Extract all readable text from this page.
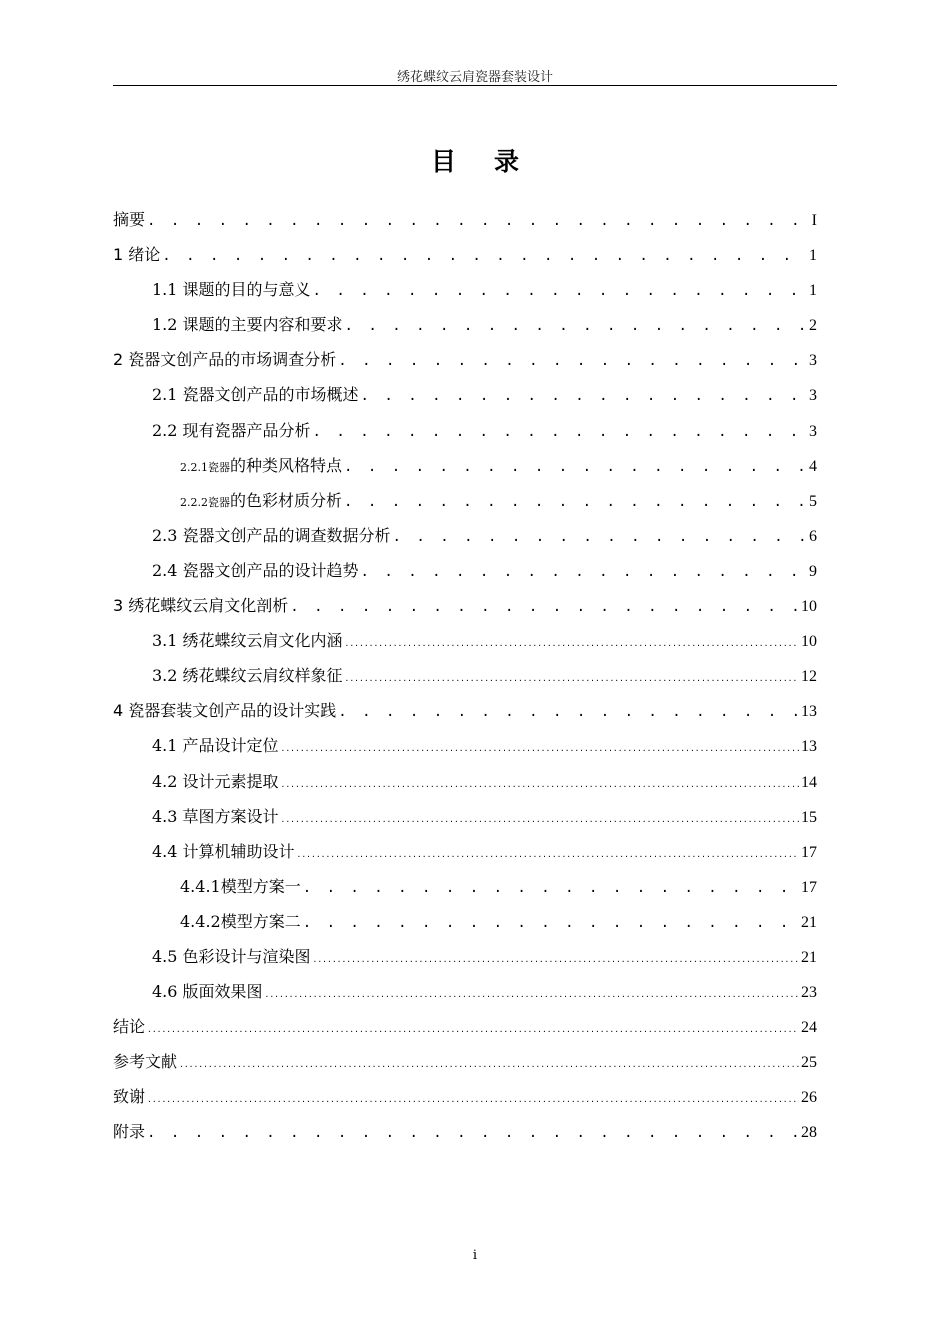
绣花蝶纹云肩瓷器套装设计
目录
摘要 . . .	I
1 绪论 . . .	1
1.1 课题的目的与意义 . . .	1
1.2 课题的主要内容和要求 . . .	2
2 瓷器文创产品的市场调查分析 . . .	3
2.1 瓷器文创产品的市场概述 . . .	3
2.2 现有瓷器产品分析 . . .	3
2.2.1瓷器的种类风格特点 . . .	4
2.2.2瓷器的色彩材质分析 . . .	5
2.3 瓷器文创产品的调查数据分析 . . .	6
2.4 瓷器文创产品的设计趋势 . . .	9
3 绣花蝶纹云肩文化剖析 . . .	10
3.1 绣花蝶纹云肩文化内涵 .....	10
3.2 绣花蝶纹云肩纹样象征 .....	12
4 瓷器套装文创产品的设计实践 . . .	13
4.1 产品设计定位 .....	13
4.2 设计元素提取 .....	14
4.3 草图方案设计 .....	15
4.4 计算机辅助设计 .....	17
4.4.1模型方案一 . . .	17
4.4.2模型方案二 . . .	21
4.5 色彩设计与渲染图 .....	21
4.6 版面效果图 .....	23
结论 .....	24
参考文献 .....	25
致谢 .....	26
附录 . . .	28
i
